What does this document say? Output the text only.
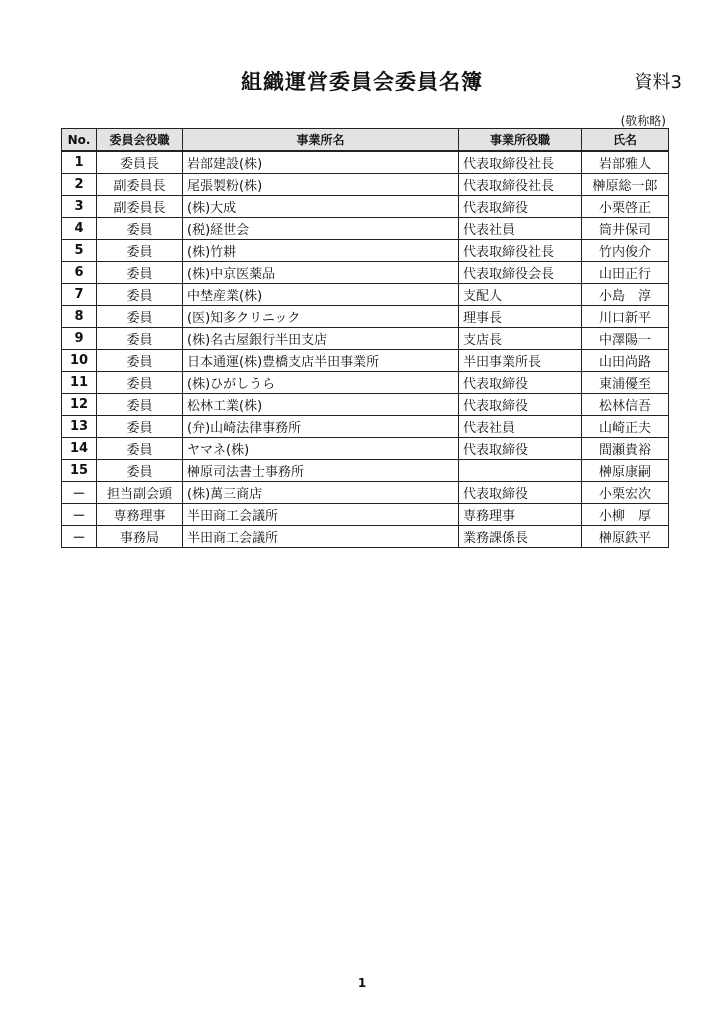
組織運営委員会委員名簿	資料3
(敬称略)
No.	委員会役職	事業所名	事業所役職	氏名
1	委員長	岩部建設(株)	代表取締役社長	岩部雅人
2	副委員長	尾張製粉(株)	代表取締役社長	榊原総一郎
3	副委員長	(株)大成	代表取締役	小栗啓正
4	委員	(税)経世会	代表社員	筒井保司
5	委員	(株)竹耕	代表取締役社長	竹内俊介
6	委員	(株)中京医薬品	代表取締役会長	山田正行
7	委員	中埜産業(株)	支配人	小島　淳
8	委員	(医)知多クリニック	理事長	川口新平
9	委員	(株)名古屋銀行半田支店	支店長	中澤陽一
10	委員	日本通運(株)豊橋支店半田事業所	半田事業所長	山田尚路
11	委員	(株)ひがしうら	代表取締役	東浦優至
12	委員	松林工業(株)	代表取締役	松林信吾
13	委員	(弁)山崎法律事務所	代表社員	山崎正夫
14	委員	ヤマネ(株)	代表取締役	間瀬貴裕
15	委員	榊原司法書士事務所		榊原康嗣
－	担当副会頭	(株)萬三商店	代表取締役	小栗宏次
－	専務理事	半田商工会議所	専務理事	小柳　厚
－	事務局	半田商工会議所	業務課係長	榊原鉄平
1
